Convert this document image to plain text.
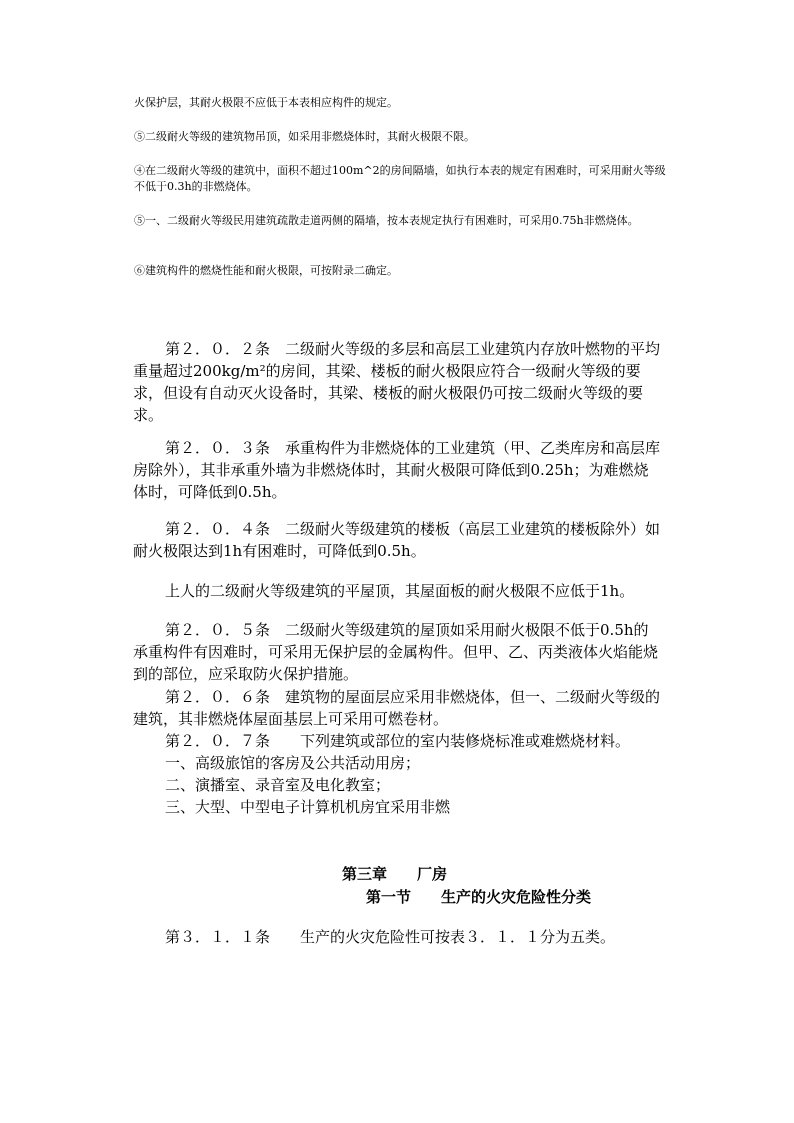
火保护层，其耐火极限不应低于本表相应构件的规定。

⑤二级耐火等级的建筑物吊顶，如采用非燃烧体时，其耐火极限不限。

④在二级耐火等级的建筑中，面积不超过100m^2的房间隔墙，如执行本表的规定有困难时，可采用耐火等级不低于0.3h的非燃烧体。

⑤一、二级耐火等级民用建筑疏散走道两侧的隔墙，按本表规定执行有困难时，可采用0.75h非燃烧体。

⑥建筑构件的燃烧性能和耐火极限，可按附录二确定。

第２．０．２条　二级耐火等级的多层和高层工业建筑内存放叶燃物的平均重量超过200kg/m²的房间，其梁、楼板的耐火极限应符合一级耐火等级的要求，但设有自动灭火设备时，其梁、楼板的耐火极限仍可按二级耐火等级的要求。

第２．０．３条　承重构件为非燃烧体的工业建筑（甲、乙类库房和高层库房除外），其非承重外墙为非燃烧体时，其耐火极限可降低到0.25h；为难燃烧体时，可降低到0.5h。

第２．０．４条　二级耐火等级建筑的楼板（高层工业建筑的楼板除外）如耐火极限达到1h有困难时，可降低到0.5h。

上人的二级耐火等级建筑的平屋顶，其屋面板的耐火极限不应低于1h。

第２．０．５条　二级耐火等级建筑的屋顶如采用耐火极限不低于0.5h的承重构件有因难时，可采用无保护层的金属构件。但甲、乙、丙类液体火焰能烧到的部位，应采取防火保护措施。

第２．０．６条　建筑物的屋面层应采用非燃烧体，但一、二级耐火等级的建筑，其非燃烧体屋面基层上可采用可燃卷材。

第２．０．７条　　下列建筑或部位的室内装修烧标准或难燃烧材料。

一、高级旅馆的客房及公共活动用房；

二、演播室、录音室及电化教室；

三、大型、中型电子计算机机房宜采用非燃

第三章　　厂房

第一节　　生产的火灾危险性分类

第３．１．１条　　生产的火灾危险性可按表３．１．１分为五类。
